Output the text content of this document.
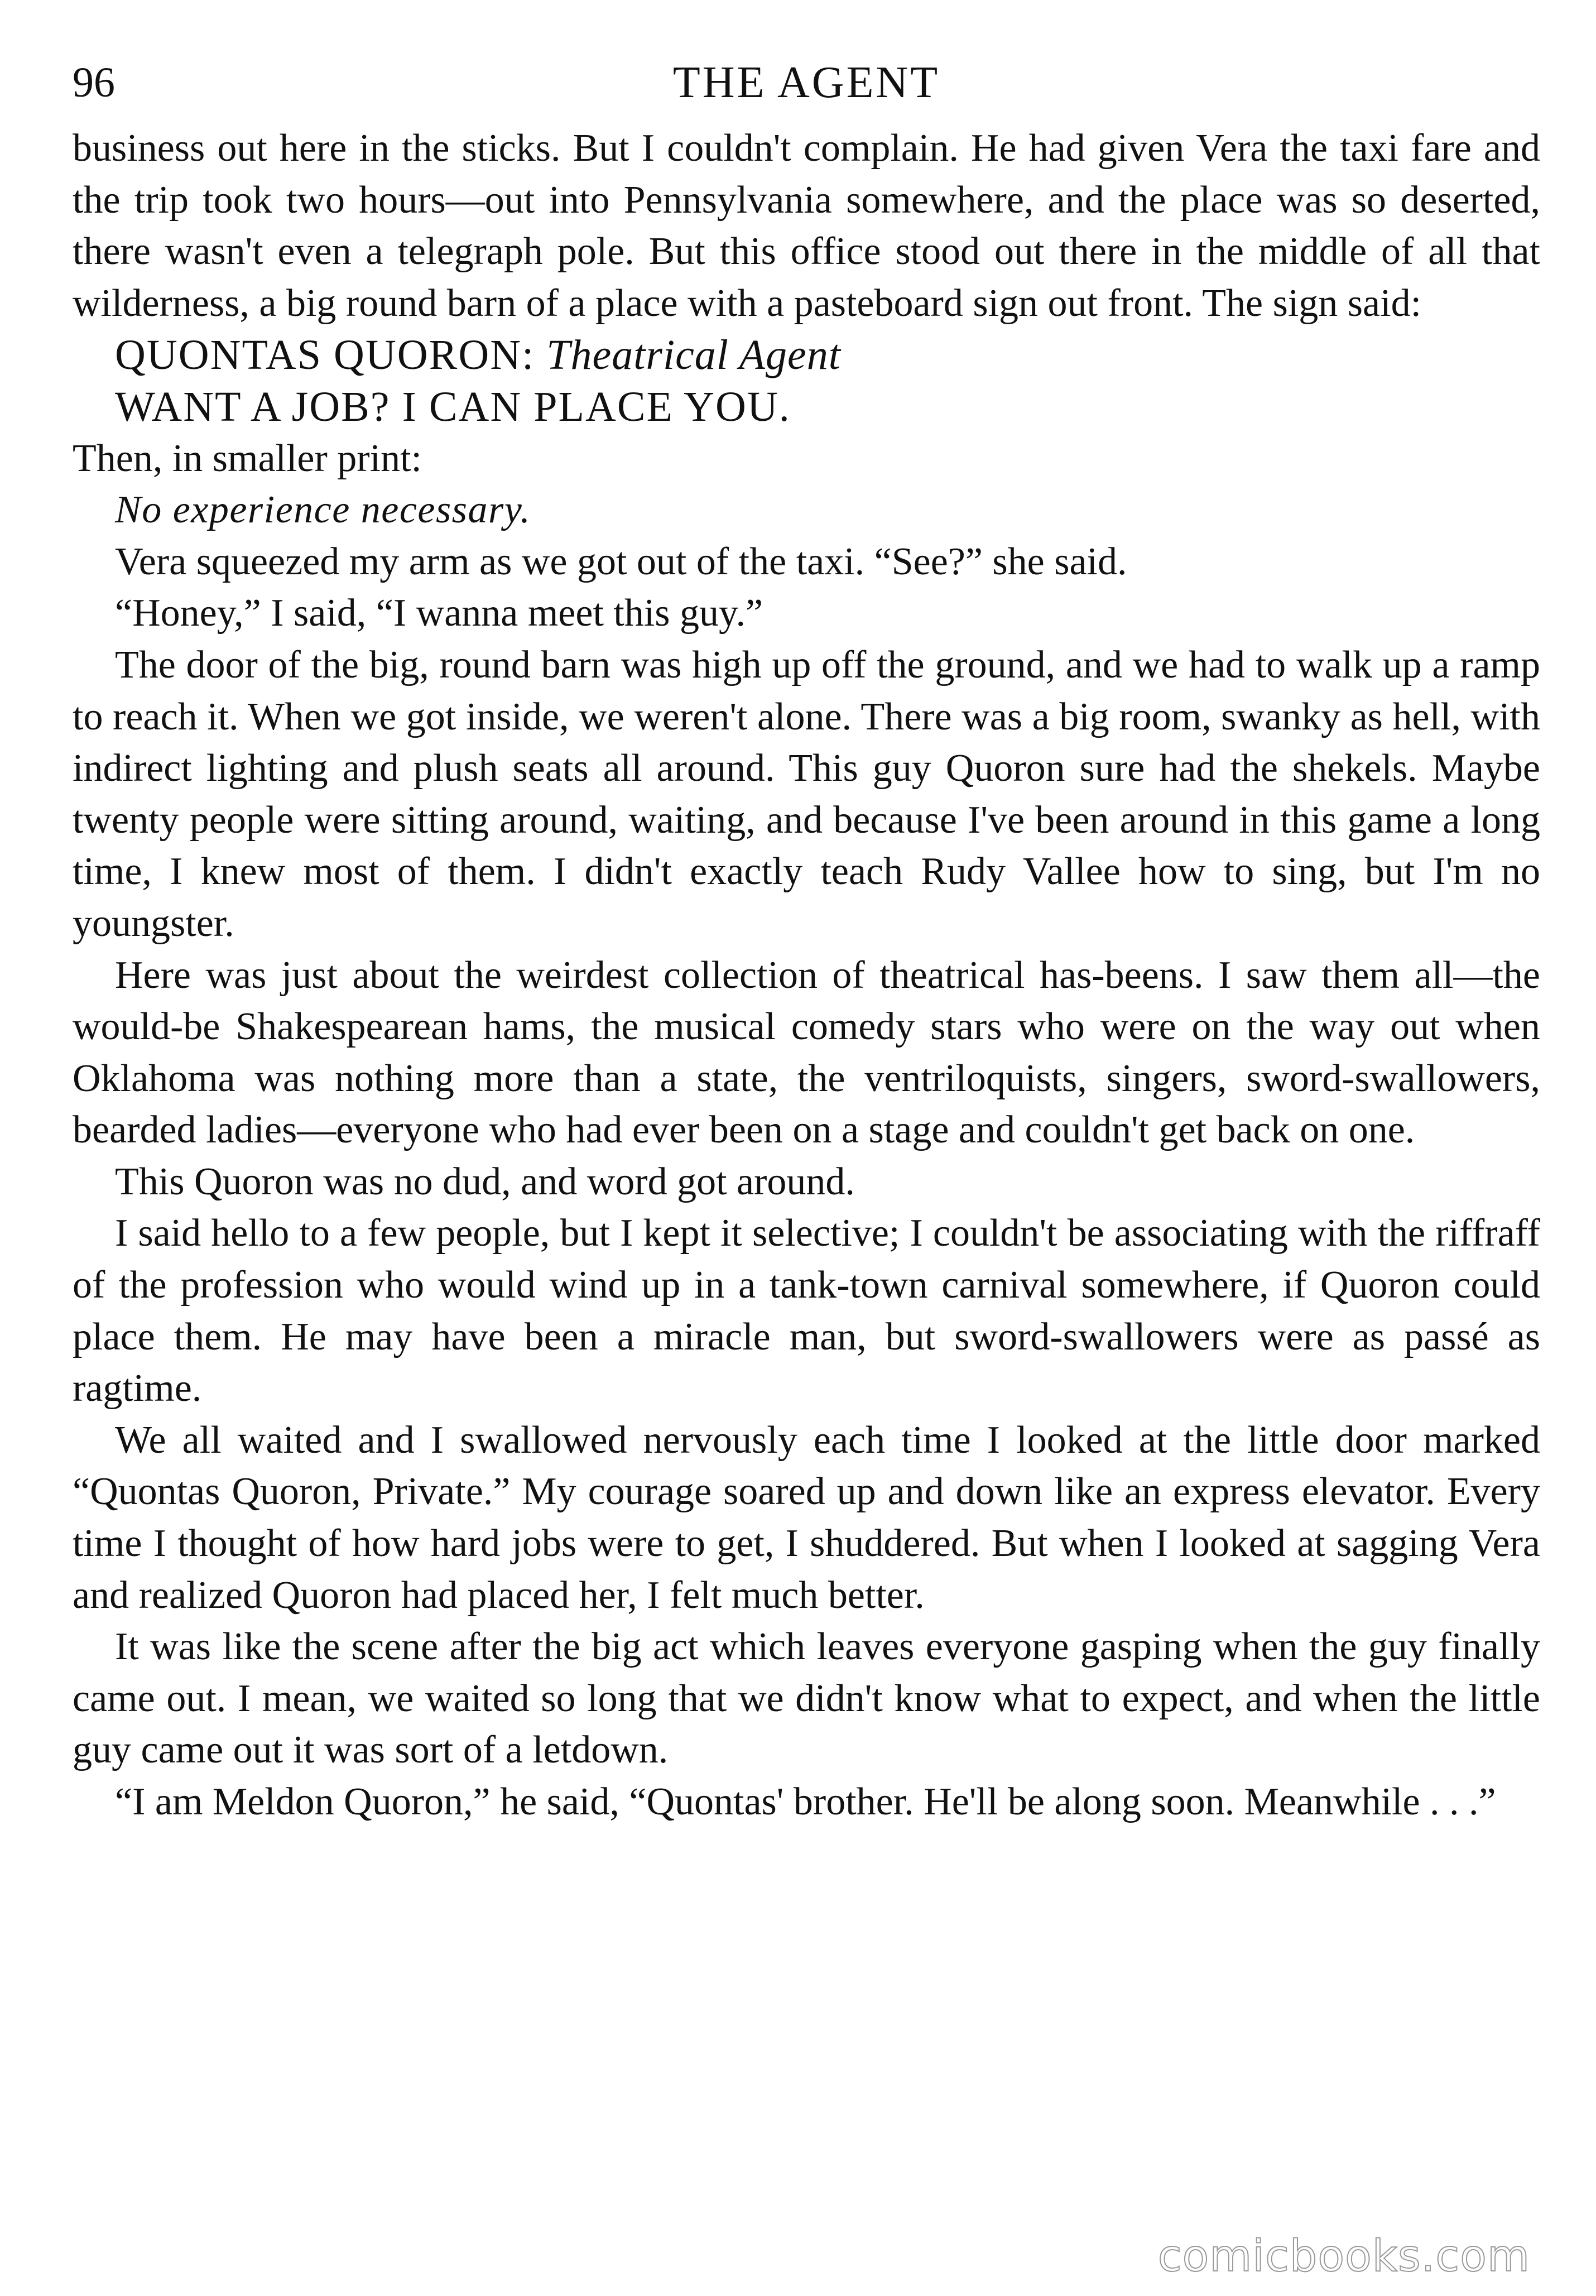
96	THE AGENT

business out here in the sticks. But I couldn't complain. He had given Vera the taxi fare and the trip took two hours—out into Pennsylvania somewhere, and the place was so deserted, there wasn't even a telegraph pole. But this office stood out there in the middle of all that wilderness, a big round barn of a place with a pasteboard sign out front. The sign said:

QUONTAS QUORON: Theatrical Agent

WANT A JOB? I CAN PLACE YOU.

Then, in smaller print:

No experience necessary.

Vera squeezed my arm as we got out of the taxi. “See?” she said.

“Honey,” I said, “I wanna meet this guy.”

The door of the big, round barn was high up off the ground, and we had to walk up a ramp to reach it. When we got inside, we weren't alone. There was a big room, swanky as hell, with indirect lighting and plush seats all around. This guy Quoron sure had the shekels. Maybe twenty people were sitting around, waiting, and because I've been around in this game a long time, I knew most of them. I didn't exactly teach Rudy Vallee how to sing, but I'm no youngster.

Here was just about the weirdest collection of theatrical has-beens. I saw them all—the would-be Shakespearean hams, the musical comedy stars who were on the way out when Oklahoma was nothing more than a state, the ventriloquists, singers, sword-swallowers, bearded ladies—everyone who had ever been on a stage and couldn't get back on one.

This Quoron was no dud, and word got around.

I said hello to a few people, but I kept it selective; I couldn't be associating with the riffraff of the profession who would wind up in a tank-town carnival somewhere, if Quoron could place them. He may have been a miracle man, but sword-swallowers were as passé as ragtime.

We all waited and I swallowed nervously each time I looked at the little door marked “Quontas Quoron, Private.” My courage soared up and down like an express elevator. Every time I thought of how hard jobs were to get, I shuddered. But when I looked at sagging Vera and realized Quoron had placed her, I felt much better.

It was like the scene after the big act which leaves everyone gasping when the guy finally came out. I mean, we waited so long that we didn't know what to expect, and when the little guy came out it was sort of a letdown.

“I am Meldon Quoron,” he said, “Quontas' brother. He'll be along soon. Meanwhile . . .”

comicbooks.com
